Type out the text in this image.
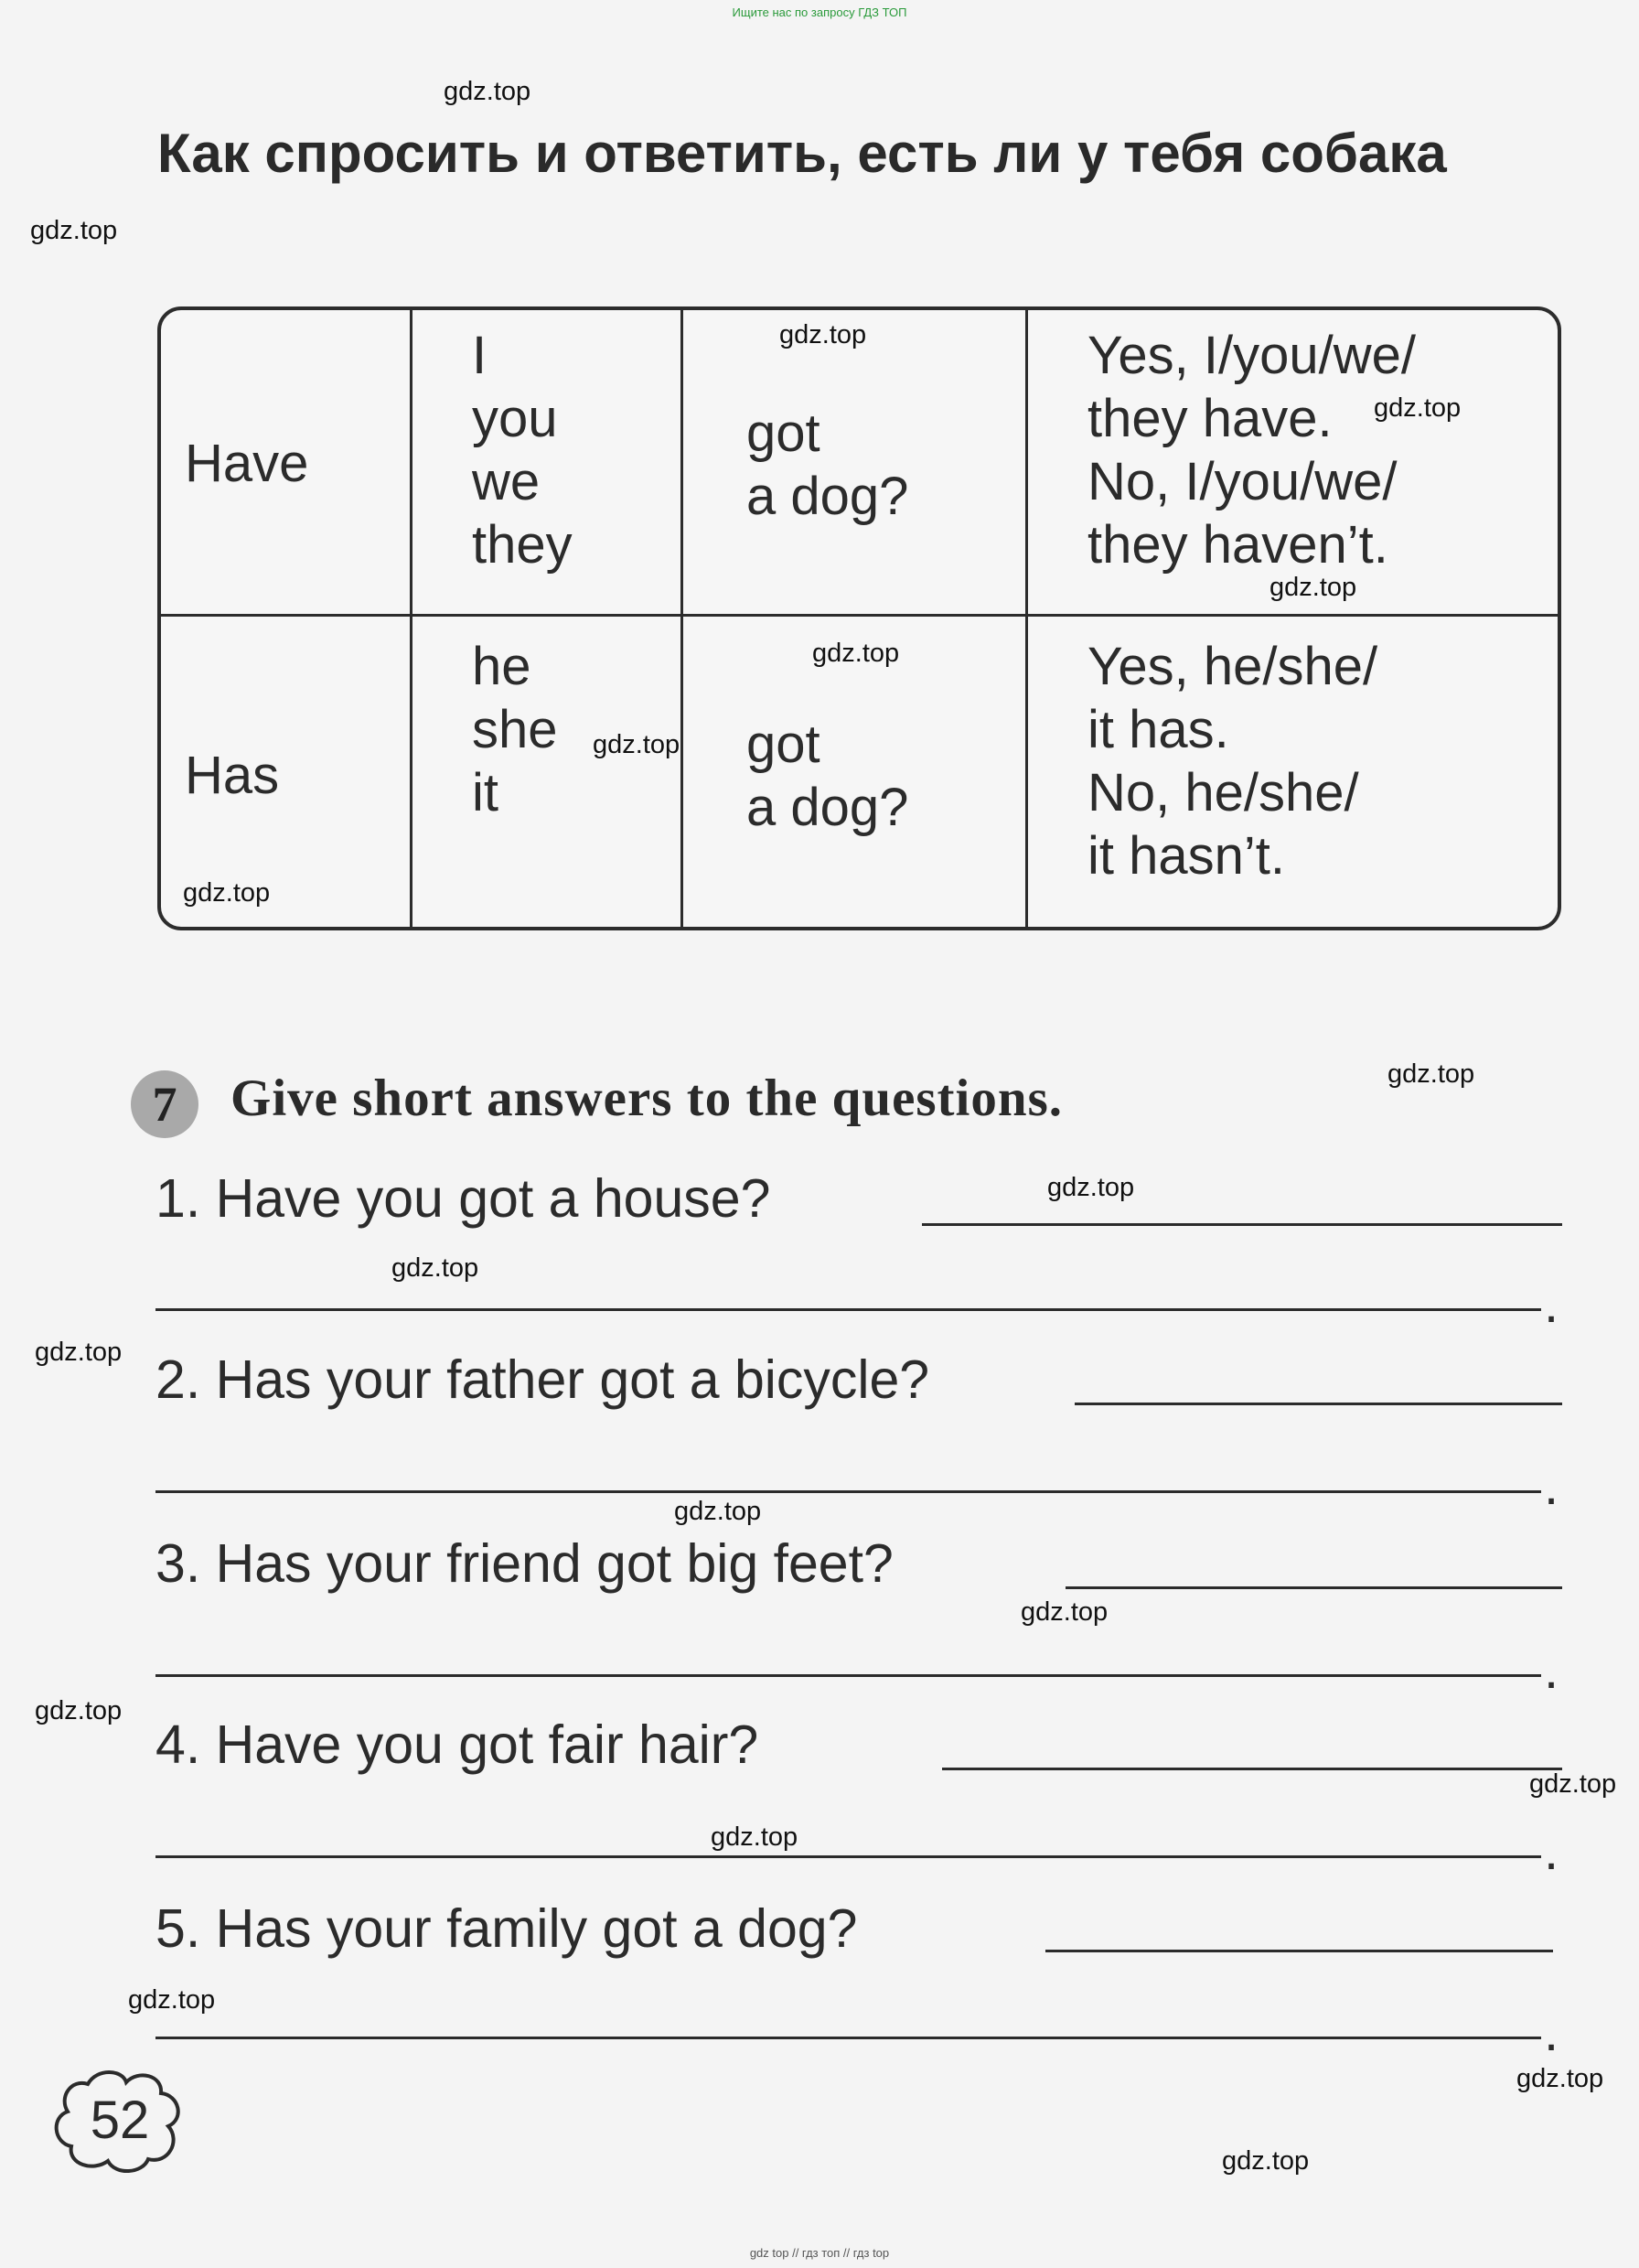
Ищите нас по запросу ГДЗ ТОП
gdz top // гдз топ // гдз top
Как спросить и ответить, есть ли у тебя собака
Have
I
you
we
they
got
a dog?
Yes, I/you/we/
they have.
No, I/you/we/
they haven’t.
Has
he
she
it
got
a dog?
Yes, he/she/
it has.
No, he/she/
it hasn’t.
7	Give short answers to the questions.
1. Have you got a house?
.
2. Has your father got a bicycle?
.
3. Has your friend got big feet?
.
4. Have you got fair hair?
.
5. Has your family got a dog?
.
52
gdz.top
gdz.top
gdz.top
gdz.top
gdz.top
gdz.top
gdz.top
gdz.top
gdz.top
gdz.top
gdz.top
gdz.top
gdz.top
gdz.top
gdz.top
gdz.top
gdz.top
gdz.top
gdz.top
gdz.top
